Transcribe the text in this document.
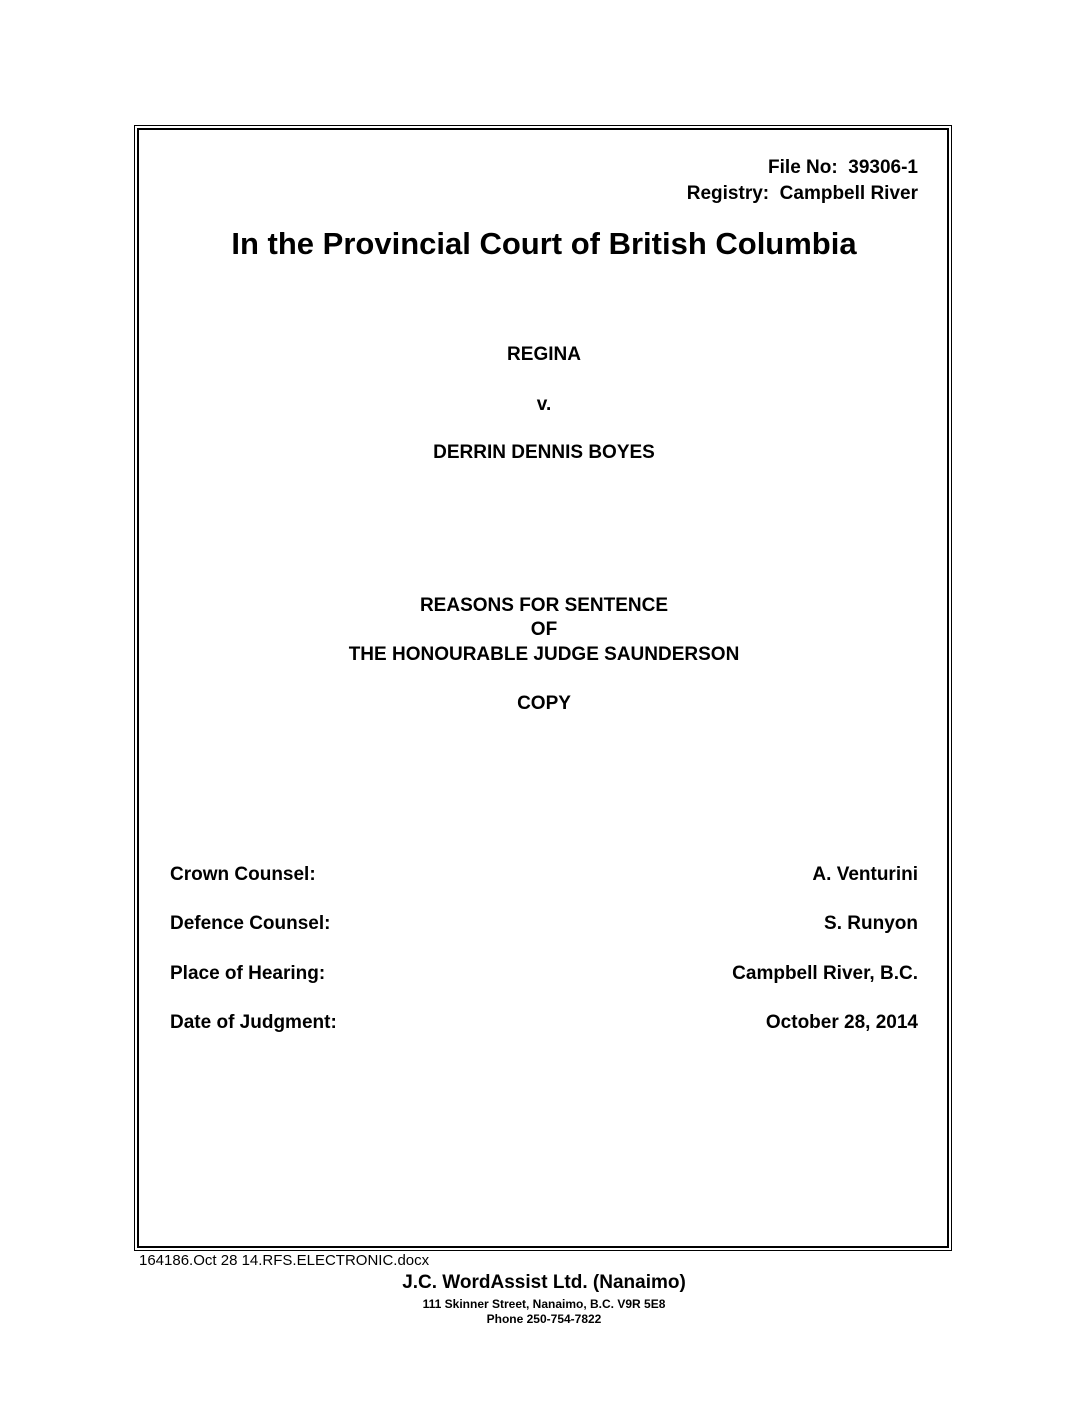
File No:  39306-1
Registry:  Campbell River
In the Provincial Court of British Columbia
REGINA
v.
DERRIN DENNIS BOYES
REASONS FOR SENTENCE
OF
THE HONOURABLE JUDGE SAUNDERSON
COPY
Crown Counsel:	A. Venturini
Defence Counsel:	S. Runyon
Place of Hearing:	Campbell River, B.C.
Date of Judgment:	October 28, 2014
164186.Oct 28 14.RFS.ELECTRONIC.docx
J.C. WordAssist Ltd. (Nanaimo)
111 Skinner Street, Nanaimo, B.C. V9R 5E8
Phone 250-754-7822
